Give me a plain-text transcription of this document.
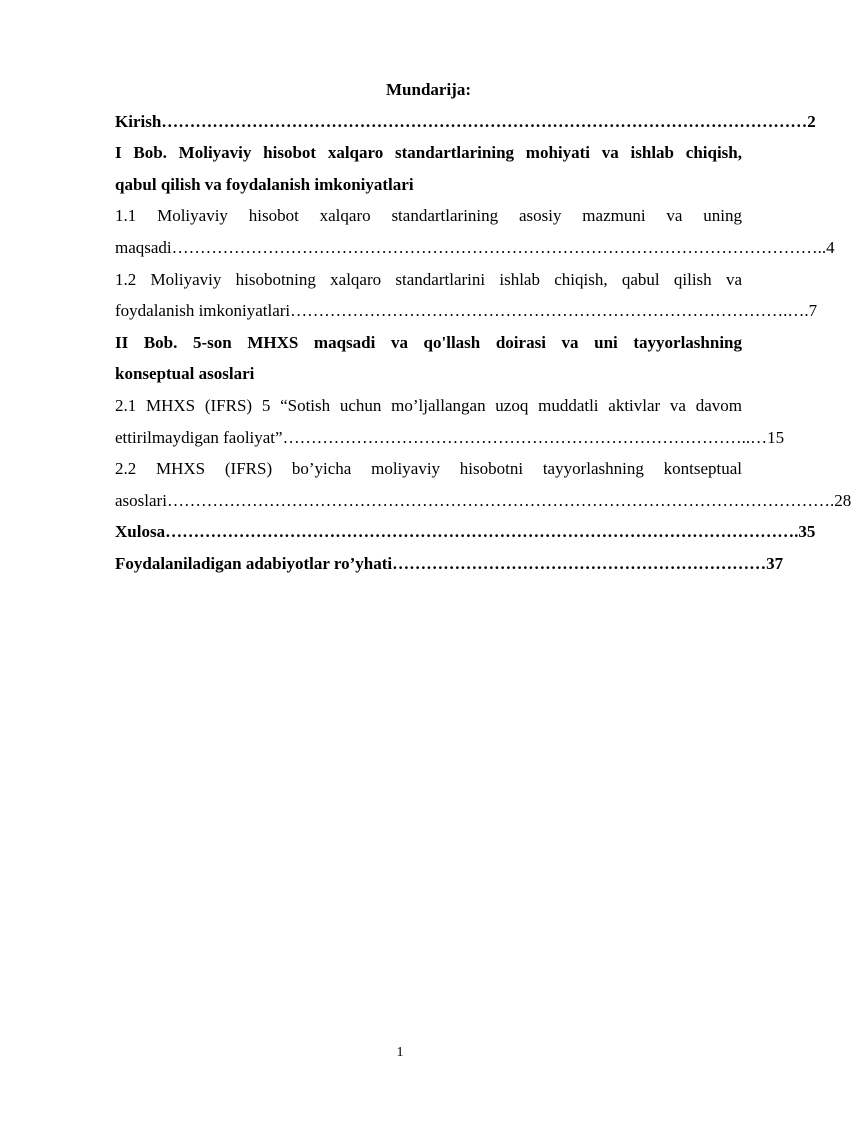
Mundarija:

Kirish …………………………………………………………………………………………………… 2

I Bob. Moliyaviy hisobot xalqaro standartlarining mohiyati va ishlab chiqish,

qabul qilish va foydalanish imkoniyatlari

1.1 Moliyaviy hisobot xalqaro standartlarining asosiy mazmuni va uning

maqsadi …………………………………………………………………………………………………….. 4

1.2 Moliyaviy hisobotning xalqaro standartlarini ishlab chiqish, qabul qilish va

foydalanish imkoniyatlari …………………………………………………………………………….…. 7

II Bob. 5-son MHXS maqsadi va qo'llash doirasi va uni tayyorlashning

konseptual asoslari

2.1 MHXS (IFRS) 5 “Sotish uchun mo’ljallangan uzoq muddatli aktivlar va davom

ettirilmaydigan faoliyat” ………………………………………………………………………..… 15

2.2 MHXS (IFRS) bo’yicha moliyaviy hisobotni tayyorlashning kontseptual

asoslari ………………………………………………………………………………………………………. 28
Xulosa …………………………………………………………………………………………………. 35
Foydalaniladigan adabiyotlar ro’yhati ………………………………………………………… 37
1
